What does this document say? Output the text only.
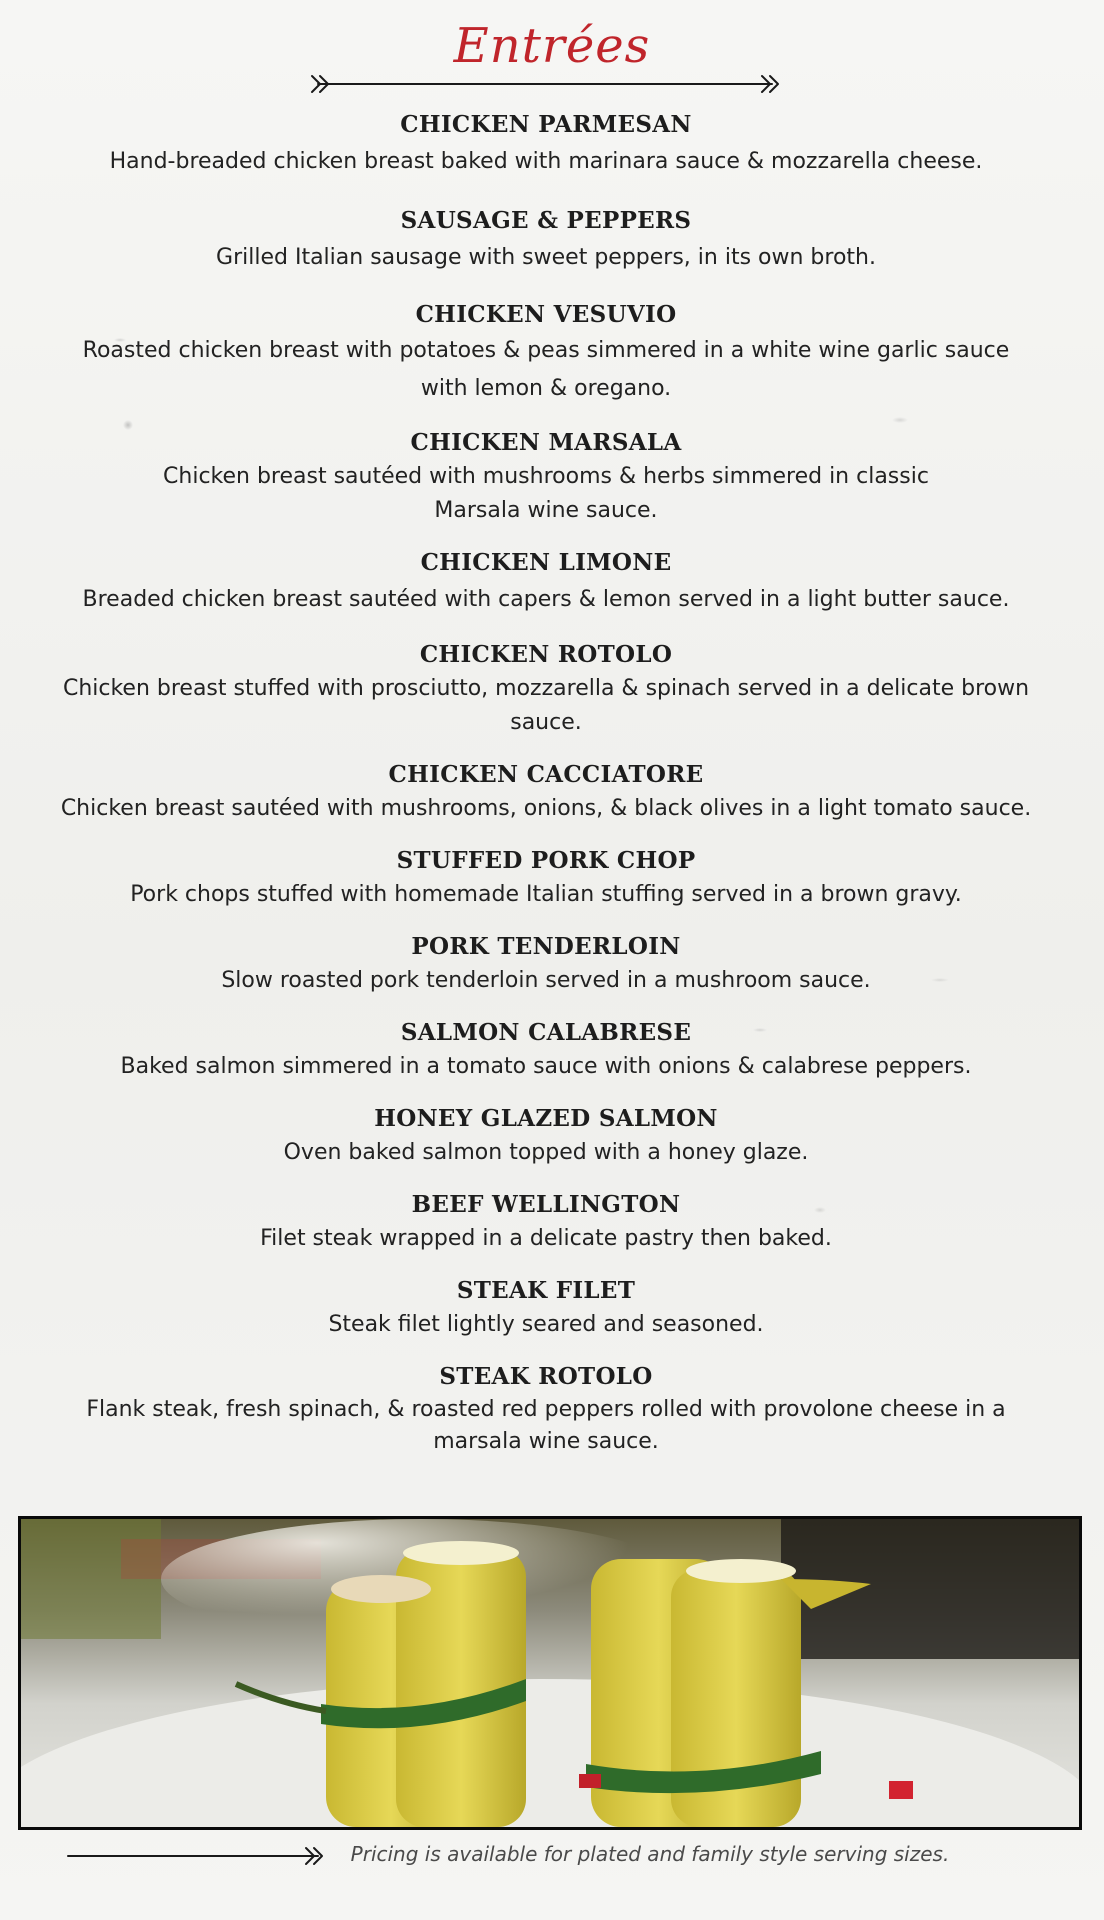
Entrées
CHICKEN PARMESAN
Hand-breaded chicken breast baked with marinara sauce & mozzarella cheese.
SAUSAGE & PEPPERS
Grilled Italian sausage with sweet peppers, in its own broth.
CHICKEN VESUVIO
Roasted chicken breast with potatoes & peas simmered in a white wine garlic sauce with lemon & oregano.
CHICKEN MARSALA
Chicken breast sautéed with mushrooms & herbs simmered in classic Marsala wine sauce.
CHICKEN LIMONE
Breaded chicken breast sautéed with capers & lemon served in a light butter sauce.
CHICKEN ROTOLO
Chicken breast stuffed with prosciutto, mozzarella & spinach served in a delicate brown sauce.
CHICKEN CACCIATORE
Chicken breast sautéed with mushrooms, onions, & black olives in a light tomato sauce.
STUFFED PORK CHOP
Pork chops stuffed with homemade Italian stuffing served in a brown gravy.
PORK TENDERLOIN
Slow roasted pork tenderloin served in a mushroom sauce.
SALMON CALABRESE
Baked salmon simmered in a tomato sauce with onions & calabrese peppers.
HONEY GLAZED SALMON
Oven baked salmon topped with a honey glaze.
BEEF WELLINGTON
Filet steak wrapped in a delicate pastry then baked.
STEAK FILET
Steak filet lightly seared and seasoned.
STEAK ROTOLO
Flank steak, fresh spinach, & roasted red peppers rolled with provolone cheese in a marsala wine sauce.
Pricing is available for plated and family style serving sizes.
